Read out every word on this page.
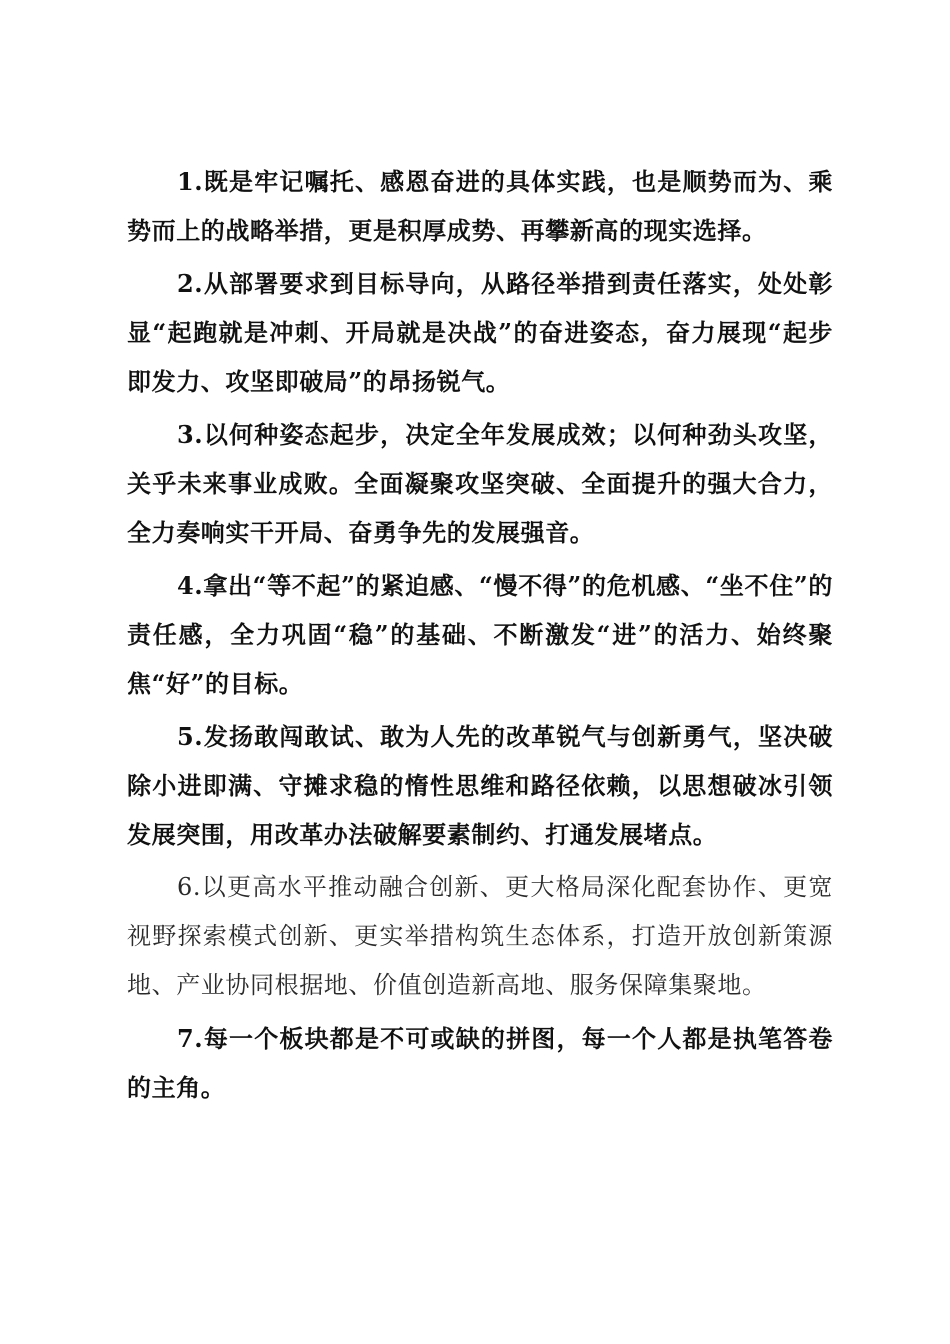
1.既是牢记嘱托、感恩奋进的具体实践，也是顺势而为、乘势而上的战略举措，更是积厚成势、再攀新高的现实选择。

2.从部署要求到目标导向，从路径举措到责任落实，处处彰显“起跑就是冲刺、开局就是决战”的奋进姿态，奋力展现“起步即发力、攻坚即破局”的昂扬锐气。

3.以何种姿态起步，决定全年发展成效；以何种劲头攻坚，关乎未来事业成败。全面凝聚攻坚突破、全面提升的强大合力，全力奏响实干开局、奋勇争先的发展强音。

4.拿出“等不起”的紧迫感、“慢不得”的危机感、“坐不住”的责任感，全力巩固“稳”的基础、不断激发“进”的活力、始终聚焦“好”的目标。

5.发扬敢闯敢试、敢为人先的改革锐气与创新勇气，坚决破除小进即满、守摊求稳的惰性思维和路径依赖，以思想破冰引领发展突围，用改革办法破解要素制约、打通发展堵点。

6.以更高水平推动融合创新、更大格局深化配套协作、更宽视野探索模式创新、更实举措构筑生态体系，打造开放创新策源地、产业协同根据地、价值创造新高地、服务保障集聚地。

7.每一个板块都是不可或缺的拼图，每一个人都是执笔答卷的主角。
